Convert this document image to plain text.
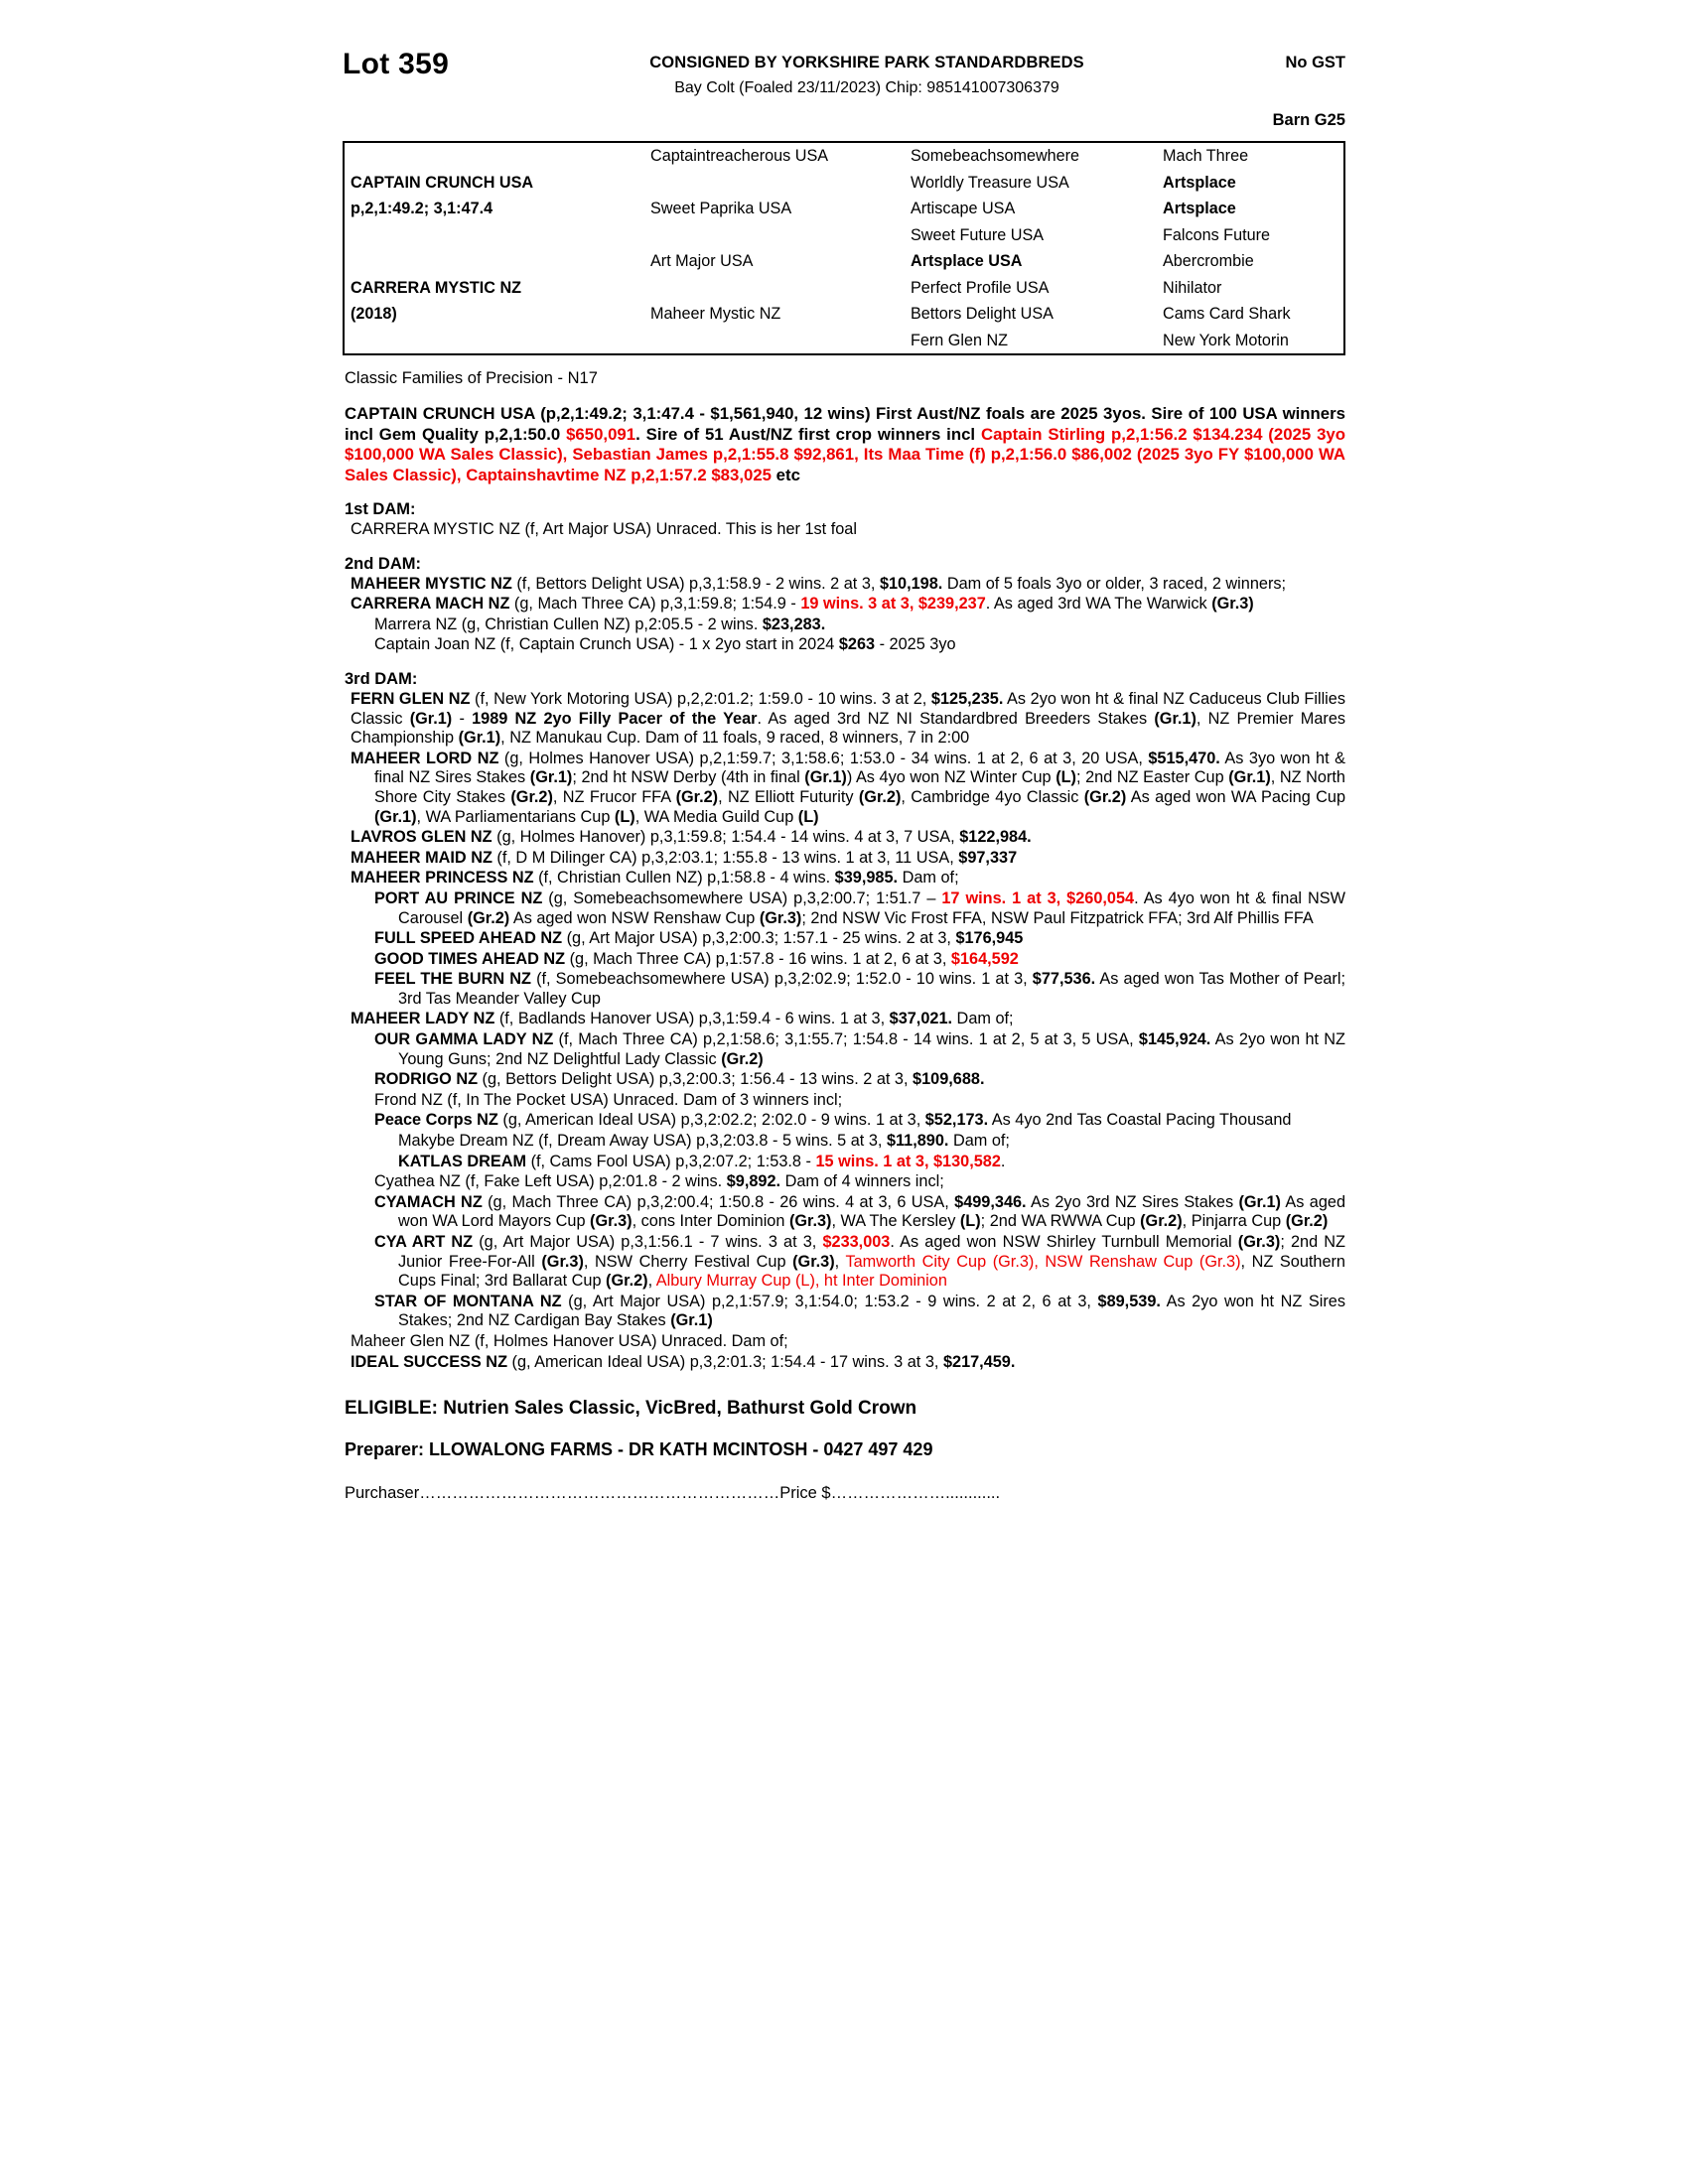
Lot 359	CONSIGNED BY YORKSHIRE PARK STANDARDBREDS
Bay Colt (Foaled 23/11/2023) Chip: 985141007306379
No GST
Barn G25
	Captaintreacherous USA	Somebeachsomewhere	Mach Three
CAPTAIN CRUNCH USA		Worldly Treasure USA	Artsplace
p,2,1:49.2; 3,1:47.4	Sweet Paprika USA	Artiscape USA	Artsplace
		Sweet Future USA	Falcons Future
	Art Major USA	Artsplace USA	Abercrombie
CARRERA MYSTIC NZ		Perfect Profile USA	Nihilator
(2018)	Maheer Mystic NZ	Bettors Delight USA	Cams Card Shark
		Fern Glen NZ	New York Motorin
Classic Families of Precision - N17
CAPTAIN CRUNCH USA (p,2,1:49.2; 3,1:47.4 - $1,561,940, 12 wins) First Aust/NZ foals are 2025 3yos. Sire of 100 USA winners incl Gem Quality p,2,1:50.0 $650,091. Sire of 51 Aust/NZ first crop winners incl Captain Stirling p,2,1:56.2 $134.234 (2025 3yo $100,000 WA Sales Classic), Sebastian James p,2,1:55.8 $92,861, Its Maa Time (f) p,2,1:56.0 $86,002 (2025 3yo FY $100,000 WA Sales Classic), Captainshavtime NZ p,2,1:57.2 $83,025 etc
1st DAM:
CARRERA MYSTIC NZ (f, Art Major USA) Unraced. This is her 1st foal
2nd DAM:
MAHEER MYSTIC NZ (f, Bettors Delight USA) p,3,1:58.9 - 2 wins. 2 at 3, $10,198. Dam of 5 foals 3yo or older, 3 raced, 2 winners;
CARRERA MACH NZ (g, Mach Three CA) p,3,1:59.8; 1:54.9 - 19 wins. 3 at 3, $239,237. As aged 3rd WA The Warwick (Gr.3)
Marrera NZ (g, Christian Cullen NZ) p,2:05.5 - 2 wins. $23,283.
Captain Joan NZ (f, Captain Crunch USA) - 1 x 2yo start in 2024 $263 - 2025 3yo
3rd DAM:
FERN GLEN NZ (f, New York Motoring USA) p,2,2:01.2; 1:59.0 - 10 wins. 3 at 2, $125,235. As 2yo won ht & final NZ Caduceus Club Fillies Classic (Gr.1) - 1989 NZ 2yo Filly Pacer of the Year. As aged 3rd NZ NI Standardbred Breeders Stakes (Gr.1), NZ Premier Mares Championship (Gr.1), NZ Manukau Cup. Dam of 11 foals, 9 raced, 8 winners, 7 in 2:00
MAHEER LORD NZ (g, Holmes Hanover USA) p,2,1:59.7; 3,1:58.6; 1:53.0 - 34 wins. 1 at 2, 6 at 3, 20 USA, $515,470. As 3yo won ht & final NZ Sires Stakes (Gr.1); 2nd ht NSW Derby (4th in final (Gr.1)) As 4yo won NZ Winter Cup (L); 2nd NZ Easter Cup (Gr.1), NZ North Shore City Stakes (Gr.2), NZ Frucor FFA (Gr.2), NZ Elliott Futurity (Gr.2), Cambridge 4yo Classic (Gr.2) As aged won WA Pacing Cup (Gr.1), WA Parliamentarians Cup (L), WA Media Guild Cup (L)
LAVROS GLEN NZ (g, Holmes Hanover) p,3,1:59.8; 1:54.4 - 14 wins. 4 at 3, 7 USA, $122,984.
MAHEER MAID NZ (f, D M Dilinger CA) p,3,2:03.1; 1:55.8 - 13 wins. 1 at 3, 11 USA, $97,337
MAHEER PRINCESS NZ (f, Christian Cullen NZ) p,1:58.8 - 4 wins. $39,985. Dam of;
PORT AU PRINCE NZ (g, Somebeachsomewhere USA) p,3,2:00.7; 1:51.7 – 17 wins. 1 at 3, $260,054. As 4yo won ht & final NSW Carousel (Gr.2) As aged won NSW Renshaw Cup (Gr.3); 2nd NSW Vic Frost FFA, NSW Paul Fitzpatrick FFA; 3rd Alf Phillis FFA
FULL SPEED AHEAD NZ (g, Art Major USA) p,3,2:00.3; 1:57.1 - 25 wins. 2 at 3, $176,945
GOOD TIMES AHEAD NZ (g, Mach Three CA) p,1:57.8 - 16 wins. 1 at 2, 6 at 3, $164,592
FEEL THE BURN NZ (f, Somebeachsomewhere USA) p,3,2:02.9; 1:52.0 - 10 wins. 1 at 3, $77,536. As aged won Tas Mother of Pearl; 3rd Tas Meander Valley Cup
MAHEER LADY NZ (f, Badlands Hanover USA) p,3,1:59.4 - 6 wins. 1 at 3, $37,021. Dam of;
OUR GAMMA LADY NZ (f, Mach Three CA) p,2,1:58.6; 3,1:55.7; 1:54.8 - 14 wins. 1 at 2, 5 at 3, 5 USA, $145,924. As 2yo won ht NZ Young Guns; 2nd NZ Delightful Lady Classic (Gr.2)
RODRIGO NZ (g, Bettors Delight USA) p,3,2:00.3; 1:56.4 - 13 wins. 2 at 3, $109,688.
Frond NZ (f, In The Pocket USA) Unraced. Dam of 3 winners incl;
Peace Corps NZ (g, American Ideal USA) p,3,2:02.2; 2:02.0 - 9 wins. 1 at 3, $52,173. As 4yo 2nd Tas Coastal Pacing Thousand
Makybe Dream NZ (f, Dream Away USA) p,3,2:03.8 - 5 wins. 5 at 3, $11,890. Dam of;
KATLAS DREAM (f, Cams Fool USA) p,3,2:07.2; 1:53.8 - 15 wins. 1 at 3, $130,582.
Cyathea NZ (f, Fake Left USA) p,2:01.8 - 2 wins. $9,892. Dam of 4 winners incl;
CYAMACH NZ (g, Mach Three CA) p,3,2:00.4; 1:50.8 - 26 wins. 4 at 3, 6 USA, $499,346. As 2yo 3rd NZ Sires Stakes (Gr.1) As aged won WA Lord Mayors Cup (Gr.3), cons Inter Dominion (Gr.3), WA The Kersley (L); 2nd WA RWWA Cup (Gr.2), Pinjarra Cup (Gr.2)
CYA ART NZ (g, Art Major USA) p,3,1:56.1 - 7 wins. 3 at 3, $233,003. As aged won NSW Shirley Turnbull Memorial (Gr.3); 2nd NZ Junior Free-For-All (Gr.3), NSW Cherry Festival Cup (Gr.3), Tamworth City Cup (Gr.3), NSW Renshaw Cup (Gr.3), NZ Southern Cups Final; 3rd Ballarat Cup (Gr.2), Albury Murray Cup (L), ht Inter Dominion
STAR OF MONTANA NZ (g, Art Major USA) p,2,1:57.9; 3,1:54.0; 1:53.2 - 9 wins. 2 at 2, 6 at 3, $89,539. As 2yo won ht NZ Sires Stakes; 2nd NZ Cardigan Bay Stakes (Gr.1)
Maheer Glen NZ (f, Holmes Hanover USA) Unraced. Dam of;
IDEAL SUCCESS NZ (g, American Ideal USA) p,3,2:01.3; 1:54.4 - 17 wins. 3 at 3, $217,459.
ELIGIBLE: Nutrien Sales Classic, VicBred, Bathurst Gold Crown
Preparer: LLOWALONG FARMS - DR KATH MCINTOSH - 0427 497 429
Purchaser…………………………………………………………Price $…………………............
